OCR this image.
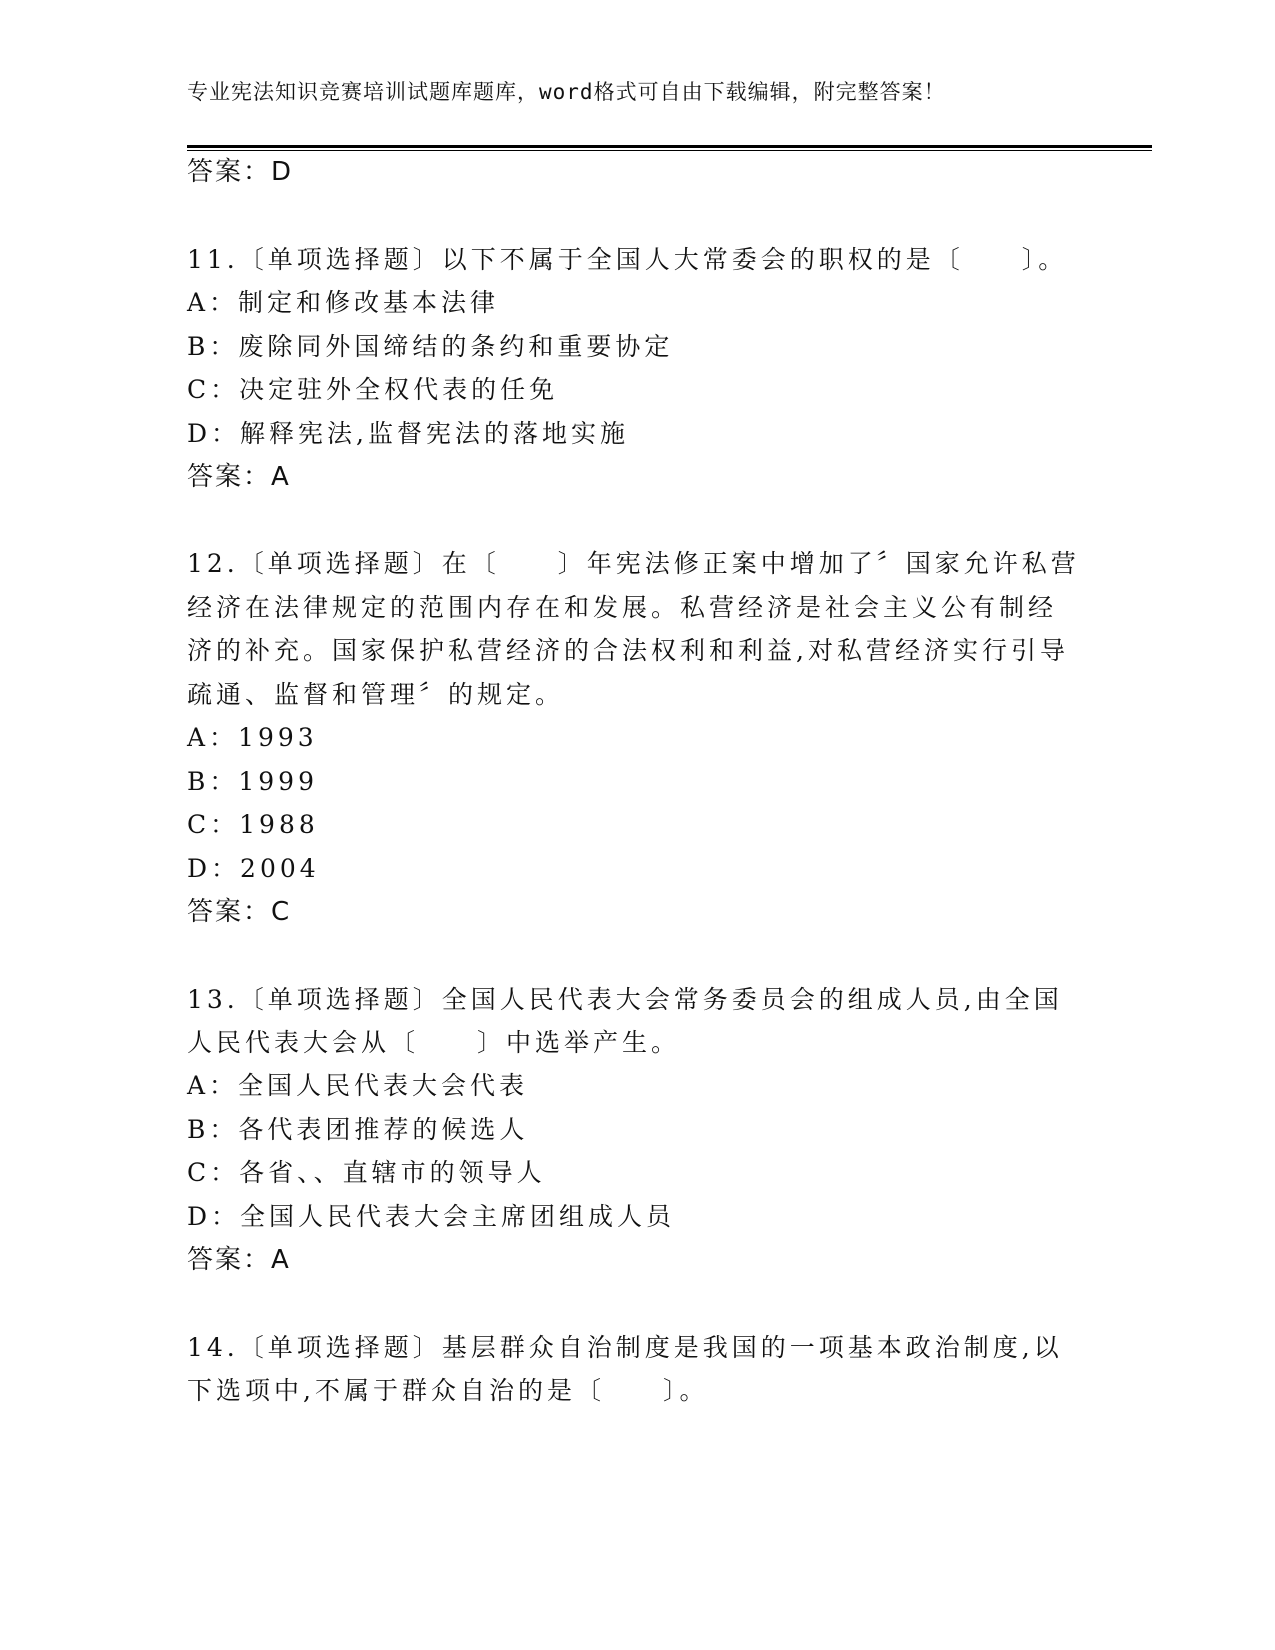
专业宪法知识竞赛培训试题库题库，word格式可自由下载编辑，附完整答案！
答案：D
11.〔单项选择题〕以下不属于全国人大常委会的职权的是〔　　〕。
A：制定和修改基本法律
B：废除同外国缔结的条约和重要协定
C：决定驻外全权代表的任免
D：解释宪法,监督宪法的落地实施
答案：A
12.〔单项选择题〕在〔　　〕年宪法修正案中增加了〞国家允许私营
经济在法律规定的范围内存在和发展。私营经济是社会主义公有制经
济的补充。国家保护私营经济的合法权利和利益,对私营经济实行引导
疏通、监督和管理〞的规定。
A：1993
B：1999
C：1988
D：2004
答案：C
13.〔单项选择题〕全国人民代表大会常务委员会的组成人员,由全国
人民代表大会从〔　　〕中选举产生。
A：全国人民代表大会代表
B：各代表团推荐的候选人
C：各省、、直辖市的领导人
D：全国人民代表大会主席团组成人员
答案：A
14.〔单项选择题〕基层群众自治制度是我国的一项基本政治制度,以
下选项中,不属于群众自治的是〔　　〕。
